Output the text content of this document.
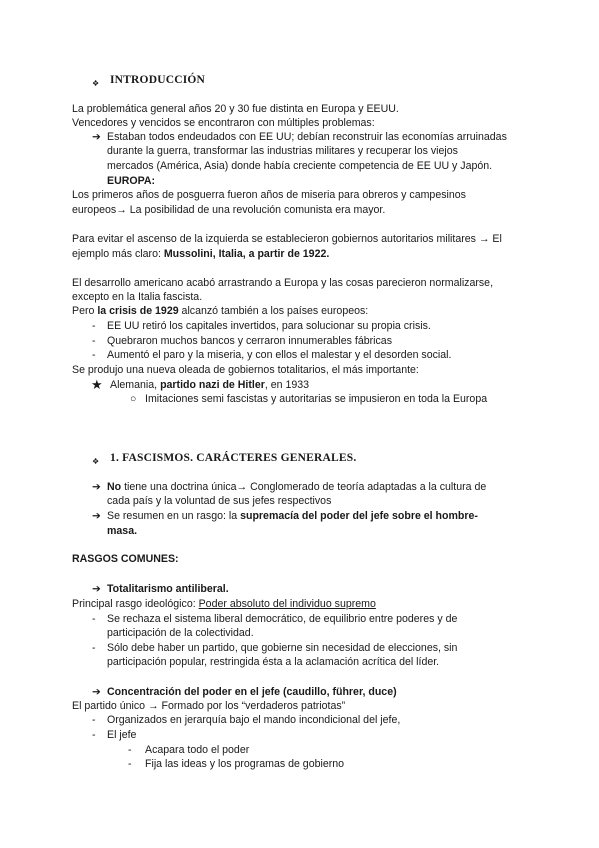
❖ INTRODUCCIÓN
La problemática general años 20 y 30 fue distinta en Europa y EEUU.
Vencedores y vencidos se encontraron con múltiples problemas:
➔ Estaban todos endeudados con EE UU; debían reconstruir las economías arruinadas
durante la guerra, transformar las industrias militares y recuperar los viejos
mercados (América, Asia) donde había creciente competencia de EE UU y Japón.
EUROPA:
Los primeros años de posguerra fueron años de miseria para obreros y campesinos
europeos→ La posibilidad de una revolución comunista era mayor.
Para evitar el ascenso de la izquierda se establecieron gobiernos autoritarios militares → El
ejemplo más claro: Mussolini, Italia, a partir de 1922.
El desarrollo americano acabó arrastrando a Europa y las cosas parecieron normalizarse,
excepto en la Italia fascista.
Pero la crisis de 1929 alcanzó también a los países europeos:
- EE UU retiró los capitales invertidos, para solucionar su propia crisis.
- Quebraron muchos bancos y cerraron innumerables fábricas
- Aumentó el paro y la miseria, y con ellos el malestar y el desorden social.
Se produjo una nueva oleada de gobiernos totalitarios, el más importante:
★ Alemania, partido nazi de Hitler, en 1933
○ Imitaciones semi fascistas y autoritarias se impusieron en toda la Europa
❖ 1. FASCISMOS. CARÁCTERES GENERALES.
➔ No tiene una doctrina única→ Conglomerado de teoría adaptadas a la cultura de
cada país y la voluntad de sus jefes respectivos
➔ Se resumen en un rasgo: la supremacía del poder del jefe sobre el hombre-
masa.
RASGOS COMUNES:
➔ Totalitarismo antiliberal.
Principal rasgo ideológico: Poder absoluto del individuo supremo
- Se rechaza el sistema liberal democrático, de equilibrio entre poderes y de
participación de la colectividad.
- Sólo debe haber un partido, que gobierne sin necesidad de elecciones, sin
participación popular, restringida ésta a la aclamación acrítica del líder.
➔ Concentración del poder en el jefe (caudillo, führer, duce)
El partido único → Formado por los “verdaderos patriotas”
- Organizados en jerarquía bajo el mando incondicional del jefe,
- El jefe
- Acapara todo el poder
- Fija las ideas y los programas de gobierno
